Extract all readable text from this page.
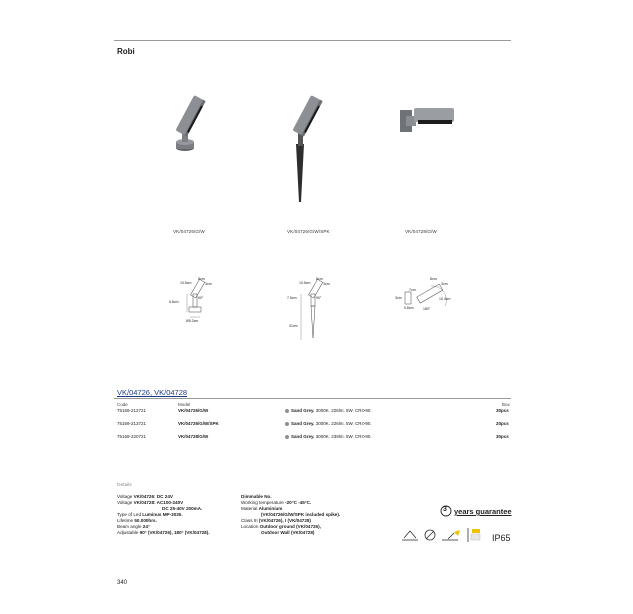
Robi
VK/04726/G/W	VK/04726/G/W/SPK	VK/04728/G/W
8cm
10.5cm	3cm
90°
6.8cm
Ø5.2cm
8cm
10.5cm	3cm
90°
7.5cm
31cm
8cm
3cm
7cm
3cm	10.4cm
9.8cm	180°
VK/04726, VK/04728
Code	Model	Box
75169-212721	VK/04726/G/W	Sand Grey. 3000K. 226lm. 5W. CRI>90.	30pcs
75169-213721	VK/04726/G/W/SPK	Sand Grey. 3000K. 226lm. 5W. CRI>90.	20pcs
75169-220721	VK/04728/G/W	Sand Grey. 3000K. 239lm. 5W. CRI>90.	30pcs
Details
Voltage VK/04726: DC 24V
Voltage VK/04728: AC100-240V
DC 25-40V 200mA.
Type of Led Luminus MP-3030.
Lifetime 50.000hrs.
Beam angle 24°
Adjustable 90° (VK/04726), 180° (VK/04728).
Dimmable No.
Working temperature -20°C -45°C.
Material Aluminium
(VK/04726/G/W/SPK included spike).
Class III (VK/04726), I (VK/04728)
Location Outdoor ground (VK/04726),
Outdoor Wall (VK/04728)
3 years guarantee
IP65
340
